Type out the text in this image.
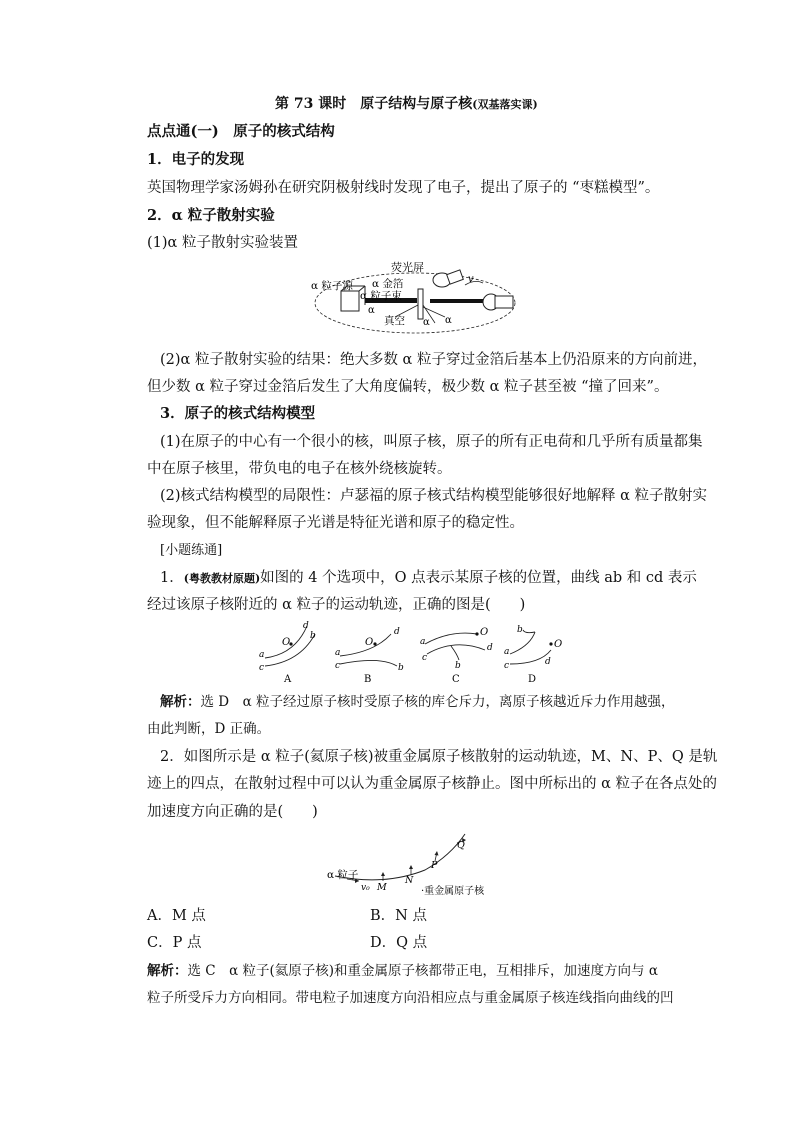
第 73 课时　原子结构与原子核(双基落实课)
点点通(一)　原子的核式结构
1．电子的发现
英国物理学家汤姆孙在研究阴极射线时发现了电子，提出了原子的 “枣糕模型”。
2．α 粒子散射实验
(1)α 粒子散射实验装置
荧光屏
α 粒子源 α 金箔
α 粒子束
真空
α
α α
v
(2)α 粒子散射实验的结果：绝大多数 α 粒子穿过金箔后基本上仍沿原来的方向前进，
但少数 α 粒子穿过金箔后发生了大角度偏转，极少数 α 粒子甚至被 “撞了回来”。
3．原子的核式结构模型
(1)在原子的中心有一个很小的核，叫原子核，原子的所有正电荷和几乎所有质量都集
中在原子核里，带负电的电子在核外绕核旋转。
(2)核式结构模型的局限性：卢瑟福的原子核式结构模型能够很好地解释 α 粒子散射实
验现象，但不能解释原子光谱是特征光谱和原子的稳定性。
[小题练通]
1．(粤教教材原题)如图的 4 个选项中，O 点表示某原子核的位置，曲线 ab 和 cd 表示
经过该原子核附近的 α 粒子的运动轨迹，正确的图是(　　)
O
a
c
d
b
A
O
a
c
d
b
B
O
a
c
d
b
C
O
a
c
b
d
D
解析：选 D　α 粒子经过原子核时受原子核的库仑斥力，离原子核越近斥力作用越强，
由此判断，D 正确。
2．如图所示是 α 粒子(氦原子核)被重金属原子核散射的运动轨迹，M、N、P、Q 是轨
迹上的四点，在散射过程中可以认为重金属原子核静止。图中所标出的 α 粒子在各点处的
加速度方向正确的是(　　)
α 粒子
v₀ M
N
P
Q
·重金属原子核
A．M 点	B．N 点
C．P 点	D．Q 点
解析：选 C　α 粒子(氦原子核)和重金属原子核都带正电，互相排斥，加速度方向与 α
粒子所受斥力方向相同。带电粒子加速度方向沿相应点与重金属原子核连线指向曲线的凹
